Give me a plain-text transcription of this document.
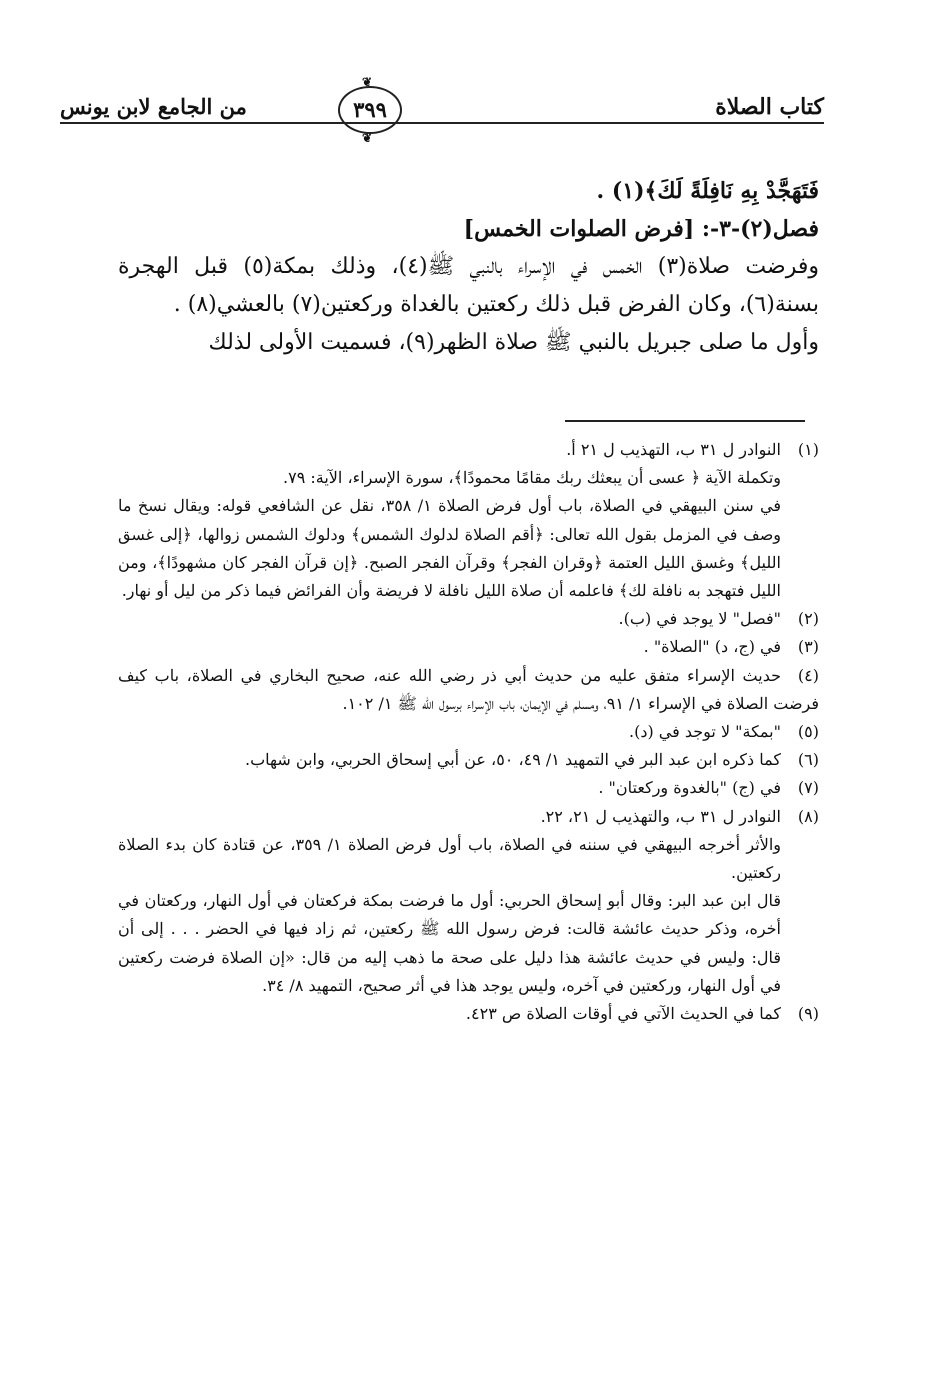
كتاب الصلاة
❦ ٣٩٩ ❦
من الجامع لابن يونس

فَتَهَجَّدْ بِهِ نَافِلَةً لَكَ﴾(١) .

فصل(٢)-٣-: [فرض الصلوات الخمس]

وفرضت صلاة(٣) الخمس في الإسراء بالنبي ﷺ(٤)، وذلك بمكة(٥) قبل الهجرة بسنة(٦)، وكان الفرض قبل ذلك ركعتين بالغداة وركعتين(٧) بالعشي(٨) .

وأول ما صلى جبريل بالنبي ﷺ صلاة الظهر(٩)، فسميت الأولى لذلك

(١)النوادر ل ٣١ ب، التهذيب ل ٢١ أ.

وتكملة الآية ﴿ عسى أن يبعثك ربك مقامًا محمودًا﴾، سورة الإسراء، الآية: ٧٩.

في سنن البيهقي في الصلاة، باب أول فرض الصلاة ١/ ٣٥٨، نقل عن الشافعي قوله: ويقال نسخ ما وصف في المزمل بقول الله تعالى: ﴿أقم الصلاة لدلوك الشمس﴾ ودلوك الشمس زوالها، ﴿إلى غسق الليل﴾ وغسق الليل العتمة ﴿وقران الفجر﴾ وقرآن الفجر الصبح. ﴿إن قرآن الفجر كان مشهودًا﴾، ومن الليل فتهجد به نافلة لك﴾ فاعلمه أن صلاة الليل نافلة لا فريضة وأن الفرائض فيما ذكر من ليل أو نهار.

(٢)"فصل" لا يوجد في (ب).

(٣)في (ج، د) "الصلاة" .

(٤)حديث الإسراء متفق عليه من حديث أبي ذر رضي الله عنه، صحيح البخاري في الصلاة، باب كيف فرضت الصلاة في الإسراء ١/ ٩١، ومسلم في الإيمان، باب الإسراء برسول الله ﷺ ١/ ١٠٢.

(٥)"بمكة" لا توجد في (د).

(٦)كما ذكره ابن عبد البر في التمهيد ١/ ٤٩، ٥٠، عن أبي إسحاق الحربي، وابن شهاب.

(٧)في (ج) "بالغدوة وركعتان" .

(٨)النوادر ل ٣١ ب، والتهذيب ل ٢١، ٢٢.

والأثر أخرجه البيهقي في سننه في الصلاة، باب أول فرض الصلاة ١/ ٣٥٩، عن قتادة كان بدء الصلاة ركعتين.

قال ابن عبد البر: وقال أبو إسحاق الحربي: أول ما فرضت بمكة فركعتان في أول النهار، وركعتان في أخره، وذكر حديث عائشة قالت: فرض رسول الله ﷺ ركعتين، ثم زاد فيها في الحضر . . . إلى أن قال: وليس في حديث عائشة هذا دليل على صحة ما ذهب إليه من قال: «إن الصلاة فرضت ركعتين في أول النهار، وركعتين في آخره، وليس يوجد هذا في أثر صحيح، التمهيد ٨/ ٣٤.

(٩)كما في الحديث الآتي في أوقات الصلاة ص ٤٢٣.
